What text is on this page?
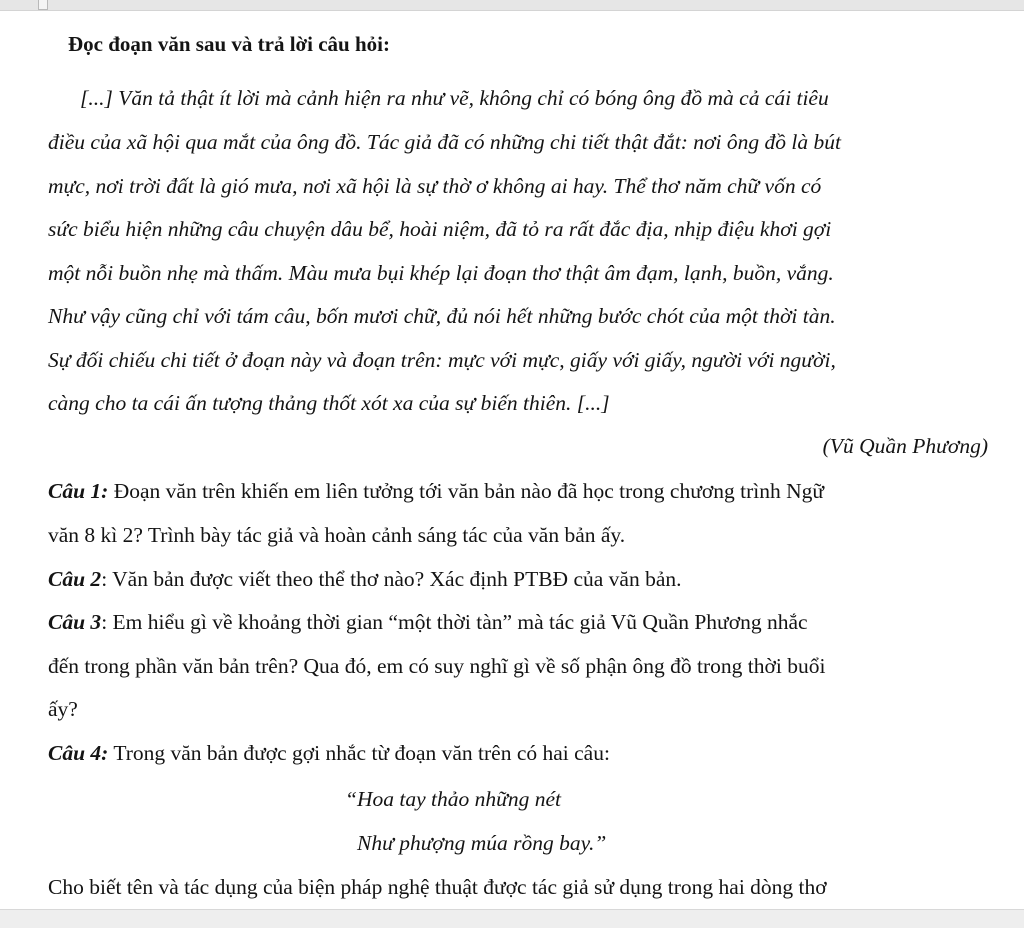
Đọc đoạn văn sau và trả lời câu hỏi:
[...] Văn tả thật ít lời mà cảnh hiện ra như vẽ, không chỉ có bóng ông đồ mà cả cái tiêu
điều của xã hội qua mắt của ông đồ. Tác giả đã có những chi tiết thật đắt: nơi ông đồ là bút
mực, nơi trời đất là gió mưa, nơi xã hội là sự thờ ơ không ai hay. Thể thơ năm chữ vốn có
sức biểu hiện những câu chuyện dâu bể, hoài niệm, đã tỏ ra rất đắc địa, nhịp điệu khơi gợi
một nỗi buồn nhẹ mà thấm. Màu mưa bụi khép lại đoạn thơ thật âm đạm, lạnh, buồn, vắng.
Như vậy cũng chỉ với tám câu, bốn mươi chữ, đủ nói hết những bước chót của một thời tàn.
Sự đối chiếu chi tiết ở đoạn này và đoạn trên: mực với mực, giấy với giấy, người với người,
càng cho ta cái ấn tượng thảng thốt xót xa của sự biến thiên. [...]
(Vũ Quần Phương)
Câu 1: Đoạn văn trên khiến em liên tưởng tới văn bản nào đã học trong chương trình Ngữ
văn 8 kì 2? Trình bày tác giả và hoàn cảnh sáng tác của văn bản ấy.
Câu 2: Văn bản được viết theo thể thơ nào? Xác định PTBĐ của văn bản.
Câu 3: Em hiểu gì về khoảng thời gian “một thời tàn” mà tác giả Vũ Quần Phương nhắc
đến trong phần văn bản trên? Qua đó, em có suy nghĩ gì về số phận ông đồ trong thời buổi
ấy?
Câu 4: Trong văn bản được gợi nhắc từ đoạn văn trên có hai câu:
“Hoa tay thảo những nét
Như phượng múa rồng bay.”
Cho biết tên và tác dụng của biện pháp nghệ thuật được tác giả sử dụng trong hai dòng thơ
